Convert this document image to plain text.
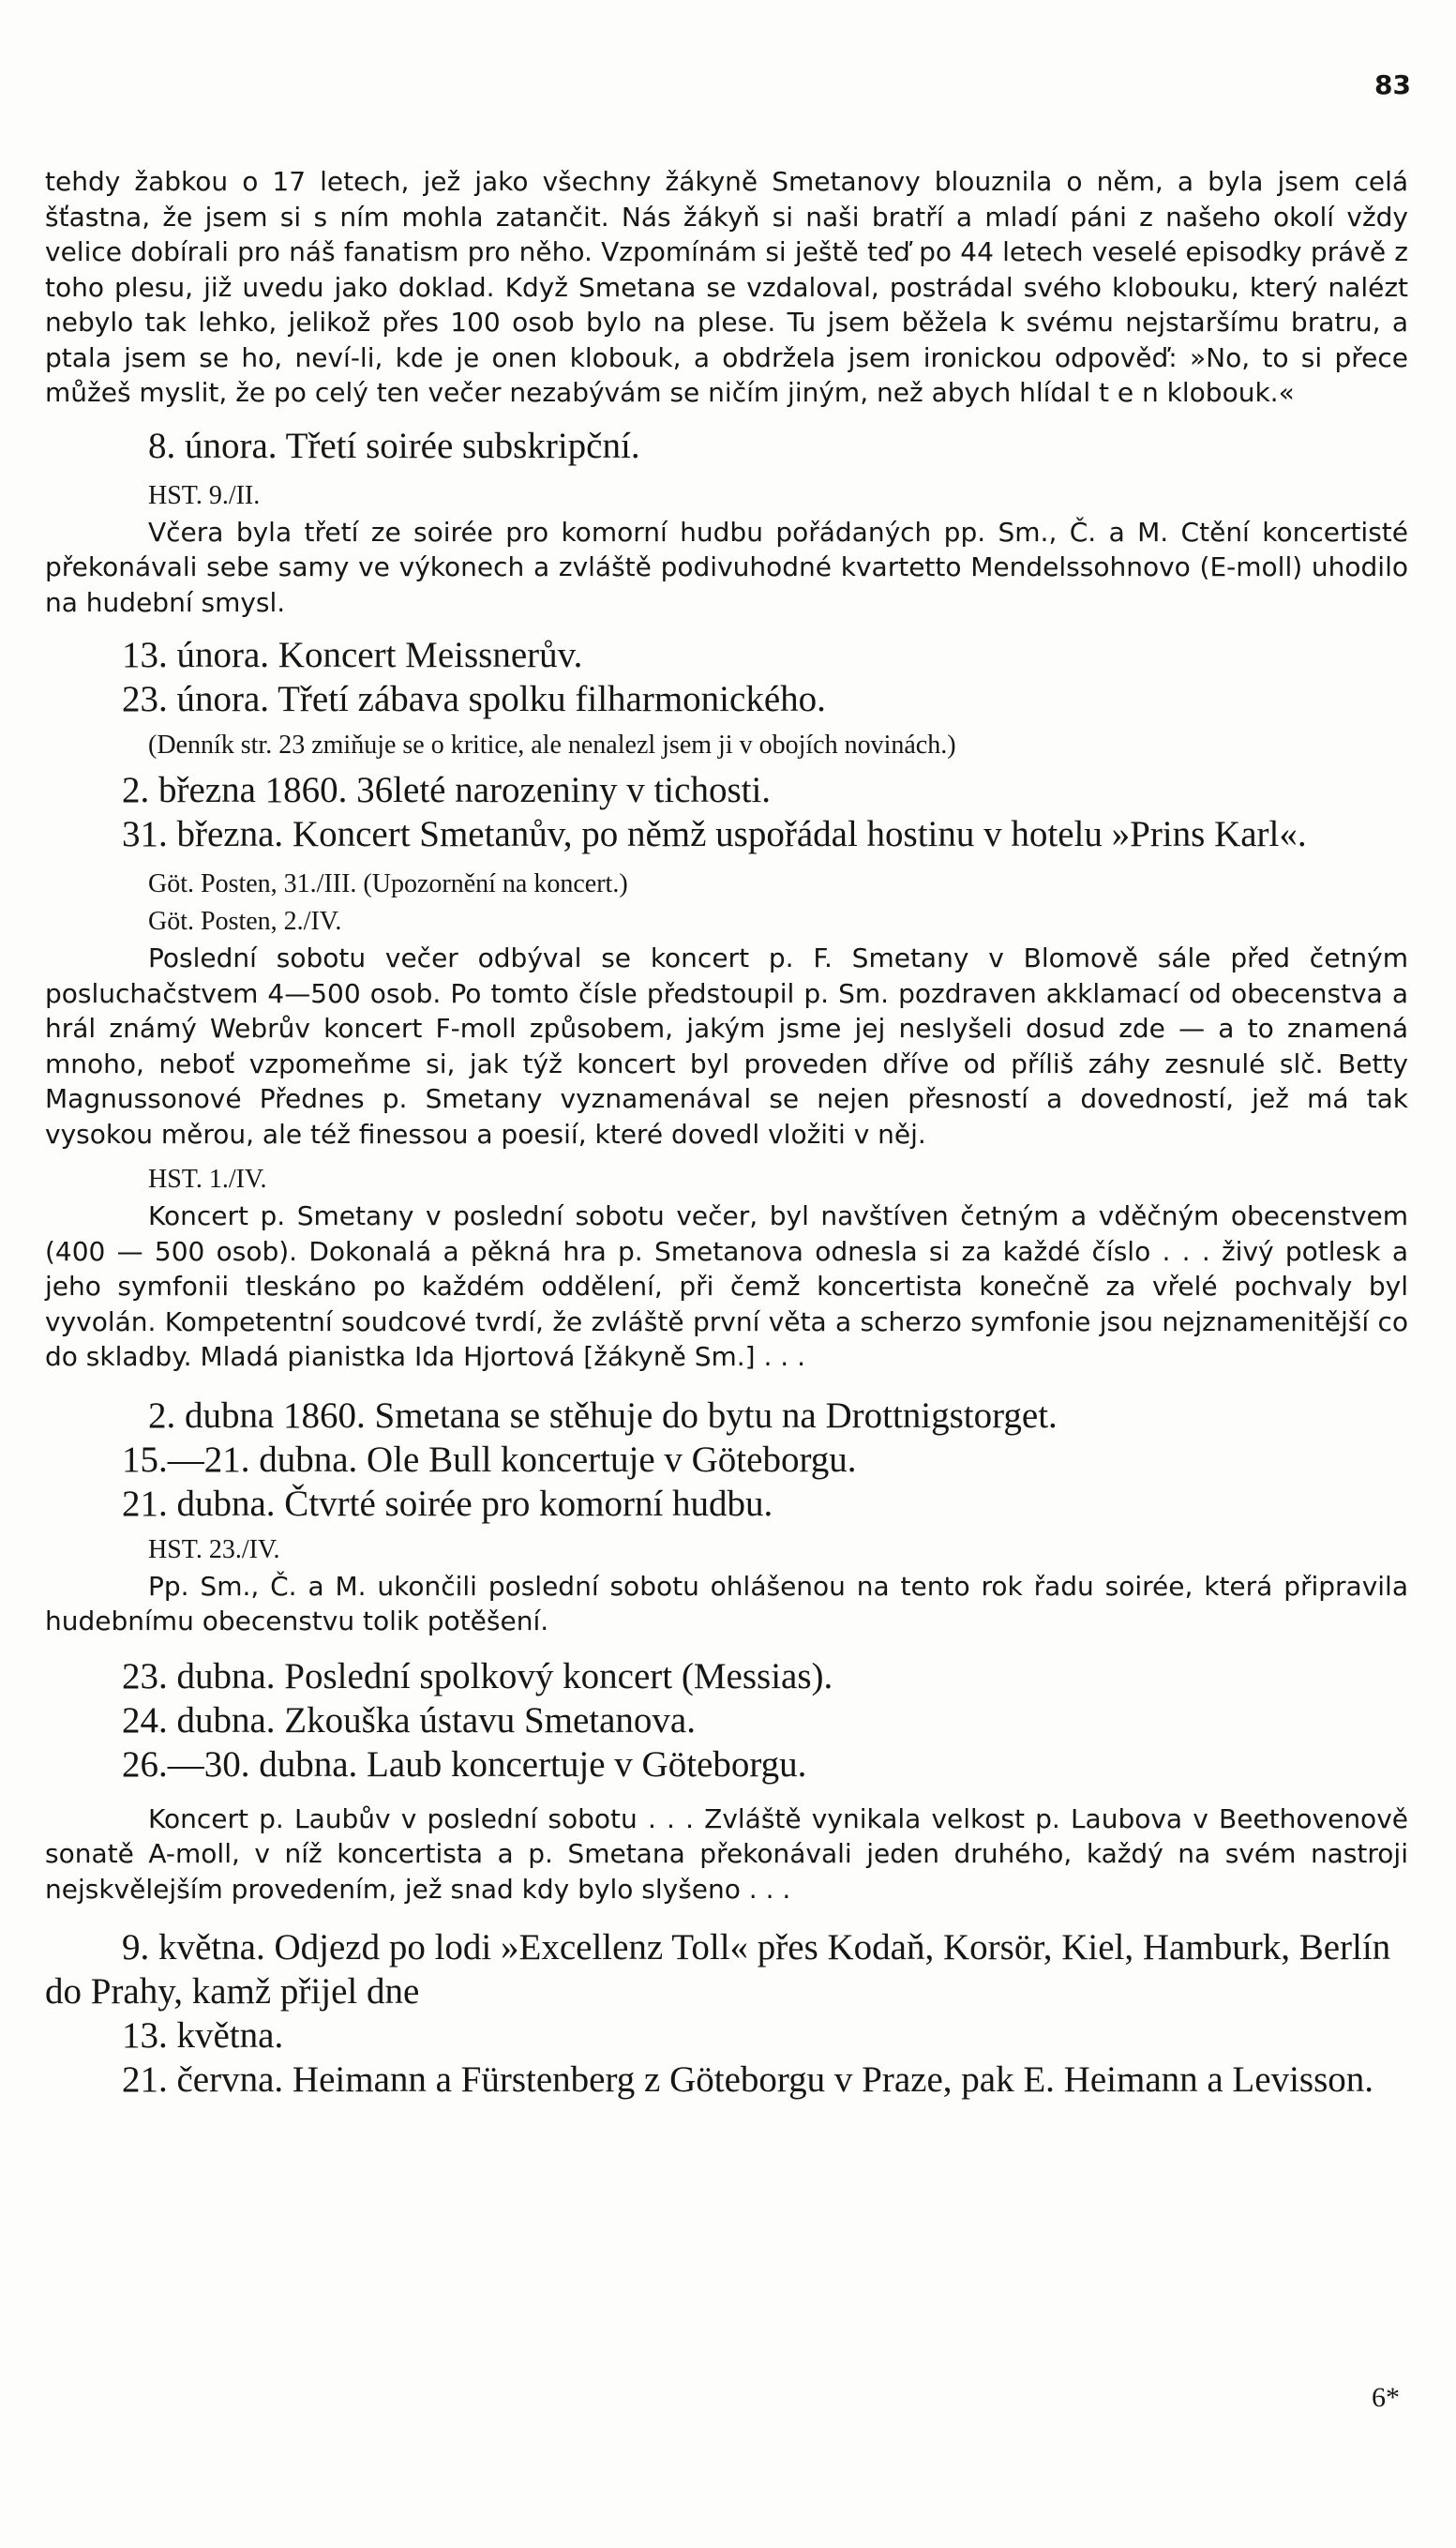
83

tehdy žabkou o 17 letech, jež jako všechny žákyně Smetanovy blouznila o něm, a byla jsem celá šťastna, že jsem si s ním mohla zatančit. Nás žákyň si naši bratří a mladí páni z našeho okolí vždy velice dobírali pro náš fanatism pro něho. Vzpomínám si ještě teď po 44 letech veselé episodky právě z toho plesu, již uvedu jako doklad. Když Smetana se vzdaloval, postrádal svého klobouku, který nalézt nebylo tak lehko, jelikož přes 100 osob bylo na plese. Tu jsem běžela k svému nejstaršímu bratru, a ptala jsem se ho, neví-li, kde je onen klobouk, a obdržela jsem ironickou odpověď: »No, to si přece můžeš myslit, že po celý ten večer nezabývám se ničím jiným, než abych hlídal t e n klobouk.«

8. února. Třetí soirée subskripční.

HST. 9./II.

Včera byla třetí ze soirée pro komorní hudbu pořádaných pp. Sm., Č. a M. Ctění koncertisté překonávali sebe samy ve výkonech a zvláště podivuhodné kvartetto Mendelssohnovo (E-moll) uhodilo na hudební smysl.

13. února. Koncert Meissnerův.

23. února. Třetí zábava spolku filharmonického.

(Denník str. 23 zmiňuje se o kritice, ale nenalezl jsem ji v obojích novinách.)

2. března 1860. 36leté narozeniny v tichosti.

31. března. Koncert Smetanův, po němž uspořádal hostinu v hotelu »Prins Karl«.

Göt. Posten, 31./III. (Upozornění na koncert.)

Göt. Posten, 2./IV.

Poslední sobotu večer odbýval se koncert p. F. Smetany v Blomově sále před četným posluchačstvem 4—500 osob. Po tomto čísle předstoupil p. Sm. pozdraven akklamací od obecenstva a hrál známý Webrův koncert F-moll způsobem, jakým jsme jej neslyšeli dosud zde — a to znamená mnoho, neboť vzpomeňme si, jak týž koncert byl proveden dříve od příliš záhy zesnulé slč. Betty Magnussonové Přednes p. Smetany vyznamenával se nejen přesností a dovedností, jež má tak vysokou měrou, ale též finessou a poesií, které dovedl vložiti v něj.

HST. 1./IV.

Koncert p. Smetany v poslední sobotu večer, byl navštíven četným a vděčným obecenstvem (400 — 500 osob). Dokonalá a pěkná hra p. Smetanova odnesla si za každé číslo . . . živý potlesk a jeho symfonii tleskáno po každém oddělení, při čemž koncertista konečně za vřelé pochvaly byl vyvolán. Kompetentní soudcové tvrdí, že zvláště první věta a scherzo symfonie jsou nejznamenitější co do skladby. Mladá pianistka Ida Hjortová [žákyně Sm.] . . .

2. dubna 1860. Smetana se stěhuje do bytu na Drottnigstorget.

15.—21. dubna. Ole Bull koncertuje v Göteborgu.

21. dubna. Čtvrté soirée pro komorní hudbu.

HST. 23./IV.

Pp. Sm., Č. a M. ukončili poslední sobotu ohlášenou na tento rok řadu soirée, která připravila hudebnímu obecenstvu tolik potěšení.

23. dubna. Poslední spolkový koncert (Messias).

24. dubna. Zkouška ústavu Smetanova.

26.—30. dubna. Laub koncertuje v Göteborgu.

Koncert p. Laubův v poslední sobotu . . . Zvláště vynikala velkost p. Laubova v Beethovenově sonatě A-moll, v níž koncertista a p. Smetana překonávali jeden druhého, každý na svém nastroji nejskvělejším provedením, jež snad kdy bylo slyšeno . . .

9. května. Odjezd po lodi »Excellenz Toll« přes Kodaň, Korsör, Kiel, Hamburk, Berlín do Prahy, kamž přijel dne

13. května.

21. června. Heimann a Fürstenberg z Göteborgu v Praze, pak E. Heimann a Levisson.

6*
